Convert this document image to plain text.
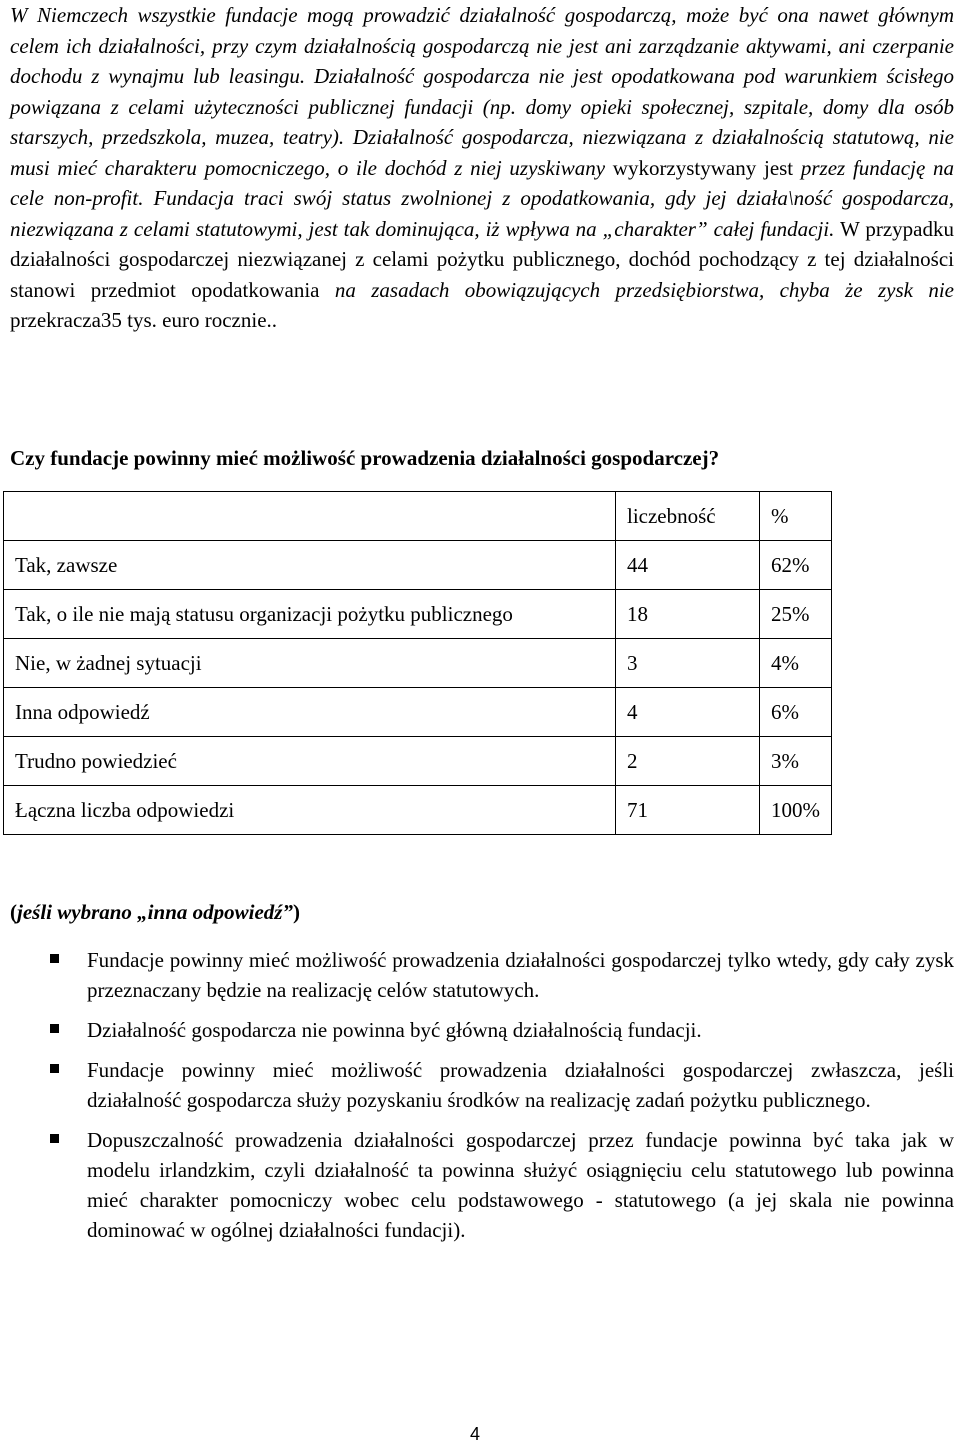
W Niemczech wszystkie fundacje mogą prowadzić działalność gospodarczą, może być ona nawet głównym celem ich działalności, przy czym działalnością gospodarczą nie jest ani zarządzanie aktywami, ani czerpanie dochodu z wynajmu lub leasingu. Działalność gospodarcza nie jest opodatkowana pod warunkiem ścisłego powiązana z celami użyteczności publicznej fundacji (np. domy opieki społecznej, szpitale, domy dla osób starszych, przedszkola, muzea, teatry). Działalność gospodarcza, niezwiązana z działalnością statutową, nie musi mieć charakteru pomocniczego, o ile dochód z niej uzyskiwany wykorzystywany jest przez fundację na cele non-profit. Fundacja traci swój status zwolnionej z opodatkowania, gdy jej działa\ność gospodarcza, niezwiązana z celami statutowymi, jest tak dominująca, iż wpływa na „charakter” całej fundacji. W przypadku działalności gospodarczej niezwiązanej z celami pożytku publicznego, dochód pochodzący z tej działalności stanowi przedmiot opodatkowania na zasadach obowiązujących przedsiębiorstwa, chyba że zysk nie przekracza35 tys. euro rocznie..

Czy fundacje powinny mieć możliwość prowadzenia działalności gospodarczej?

	liczebność	%
Tak, zawsze	44	62%
Tak, o ile nie mają statusu organizacji pożytku publicznego	18	25%
Nie, w żadnej sytuacji	3	4%
Inna odpowiedź	4	6%
Trudno powiedzieć	2	3%
Łączna liczba odpowiedzi	71	100%

(jeśli wybrano „inna odpowiedź”)

Fundacje powinny mieć możliwość prowadzenia działalności gospodarczej tylko wtedy, gdy cały zysk przeznaczany będzie na realizację celów statutowych.
Działalność gospodarcza nie powinna być główną działalnością fundacji.
Fundacje powinny mieć możliwość prowadzenia działalności gospodarczej zwłaszcza, jeśli działalność gospodarcza służy pozyskaniu środków na realizację zadań pożytku publicznego.
Dopuszczalność prowadzenia działalności gospodarczej przez fundacje powinna być taka jak w modelu irlandzkim, czyli działalność ta powinna służyć osiągnięciu celu statutowego lub powinna mieć charakter pomocniczy wobec celu podstawowego - statutowego (a jej skala nie powinna dominować w ogólnej działalności fundacji).
4
